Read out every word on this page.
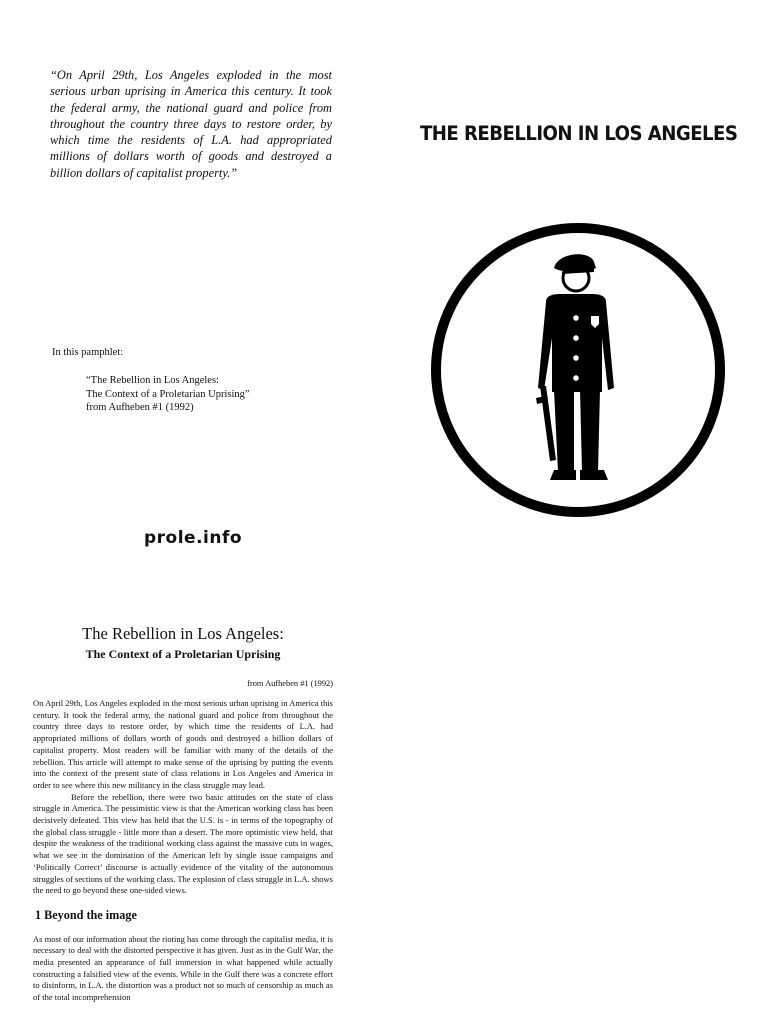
“On April 29th, Los Angeles exploded in the most serious urban uprising in America this century. It took the federal army, the national guard and police from throughout the country three days to restore order, by which time the residents of L.A. had appropriated millions of dollars worth of goods and destroyed a billion dollars of capitalist property.”

In this pamphlet:
“The Rebellion in Los Angeles:
The Context of a Proletarian Uprising”
from Aufheben #1 (1992)
prole.info
THE REBELLION IN LOS ANGELES
The Rebellion in Los Angeles:
The Context of a Proletarian Uprising
from Aufheben #1 (1992)

On April 29th, Los Angeles exploded in the most serious urban uprising in America this century. It took the federal army, the national guard and police from throughout the country three days to restore order, by which time the residents of L.A. had appropriated millions of dollars worth of goods and destroyed a billion dollars of capitalist property. Most readers will be familiar with many of the details of the rebellion. This article will attempt to make sense of the uprising by putting the events into the context of the present state of class relations in Los Angeles and America in order to see where this new militancy in the class struggle may lead.

Before the rebellion, there were two basic attitudes on the state of class struggle in America. The pessimistic view is that the American working class has been decisively defeated. This view has held that the U.S. is - in terms of the topography of the global class struggle - little more than a desert. The more optimistic view held, that despite the weakness of the traditional working class against the massive cuts in wages, what we see in the domination of the American left by single issue campaigns and ‘Politically Correct’ discourse is actually evidence of the vitality of the autonomous struggles of sections of the working class. The explosion of class struggle in L.A. shows the need to go beyond these one-sided views.

1 Beyond the image

As most of our information about the rioting has come through the capitalist media, it is necessary to deal with the distorted perspective it has given. Just as in the Gulf War, the media presented an appearance of full immersion in what happened while actually constructing a falsified view of the events. While in the Gulf there was a concrete effort to disinform, in L.A. the distortion was a product not so much of censorship as much as of the total incomprehension
